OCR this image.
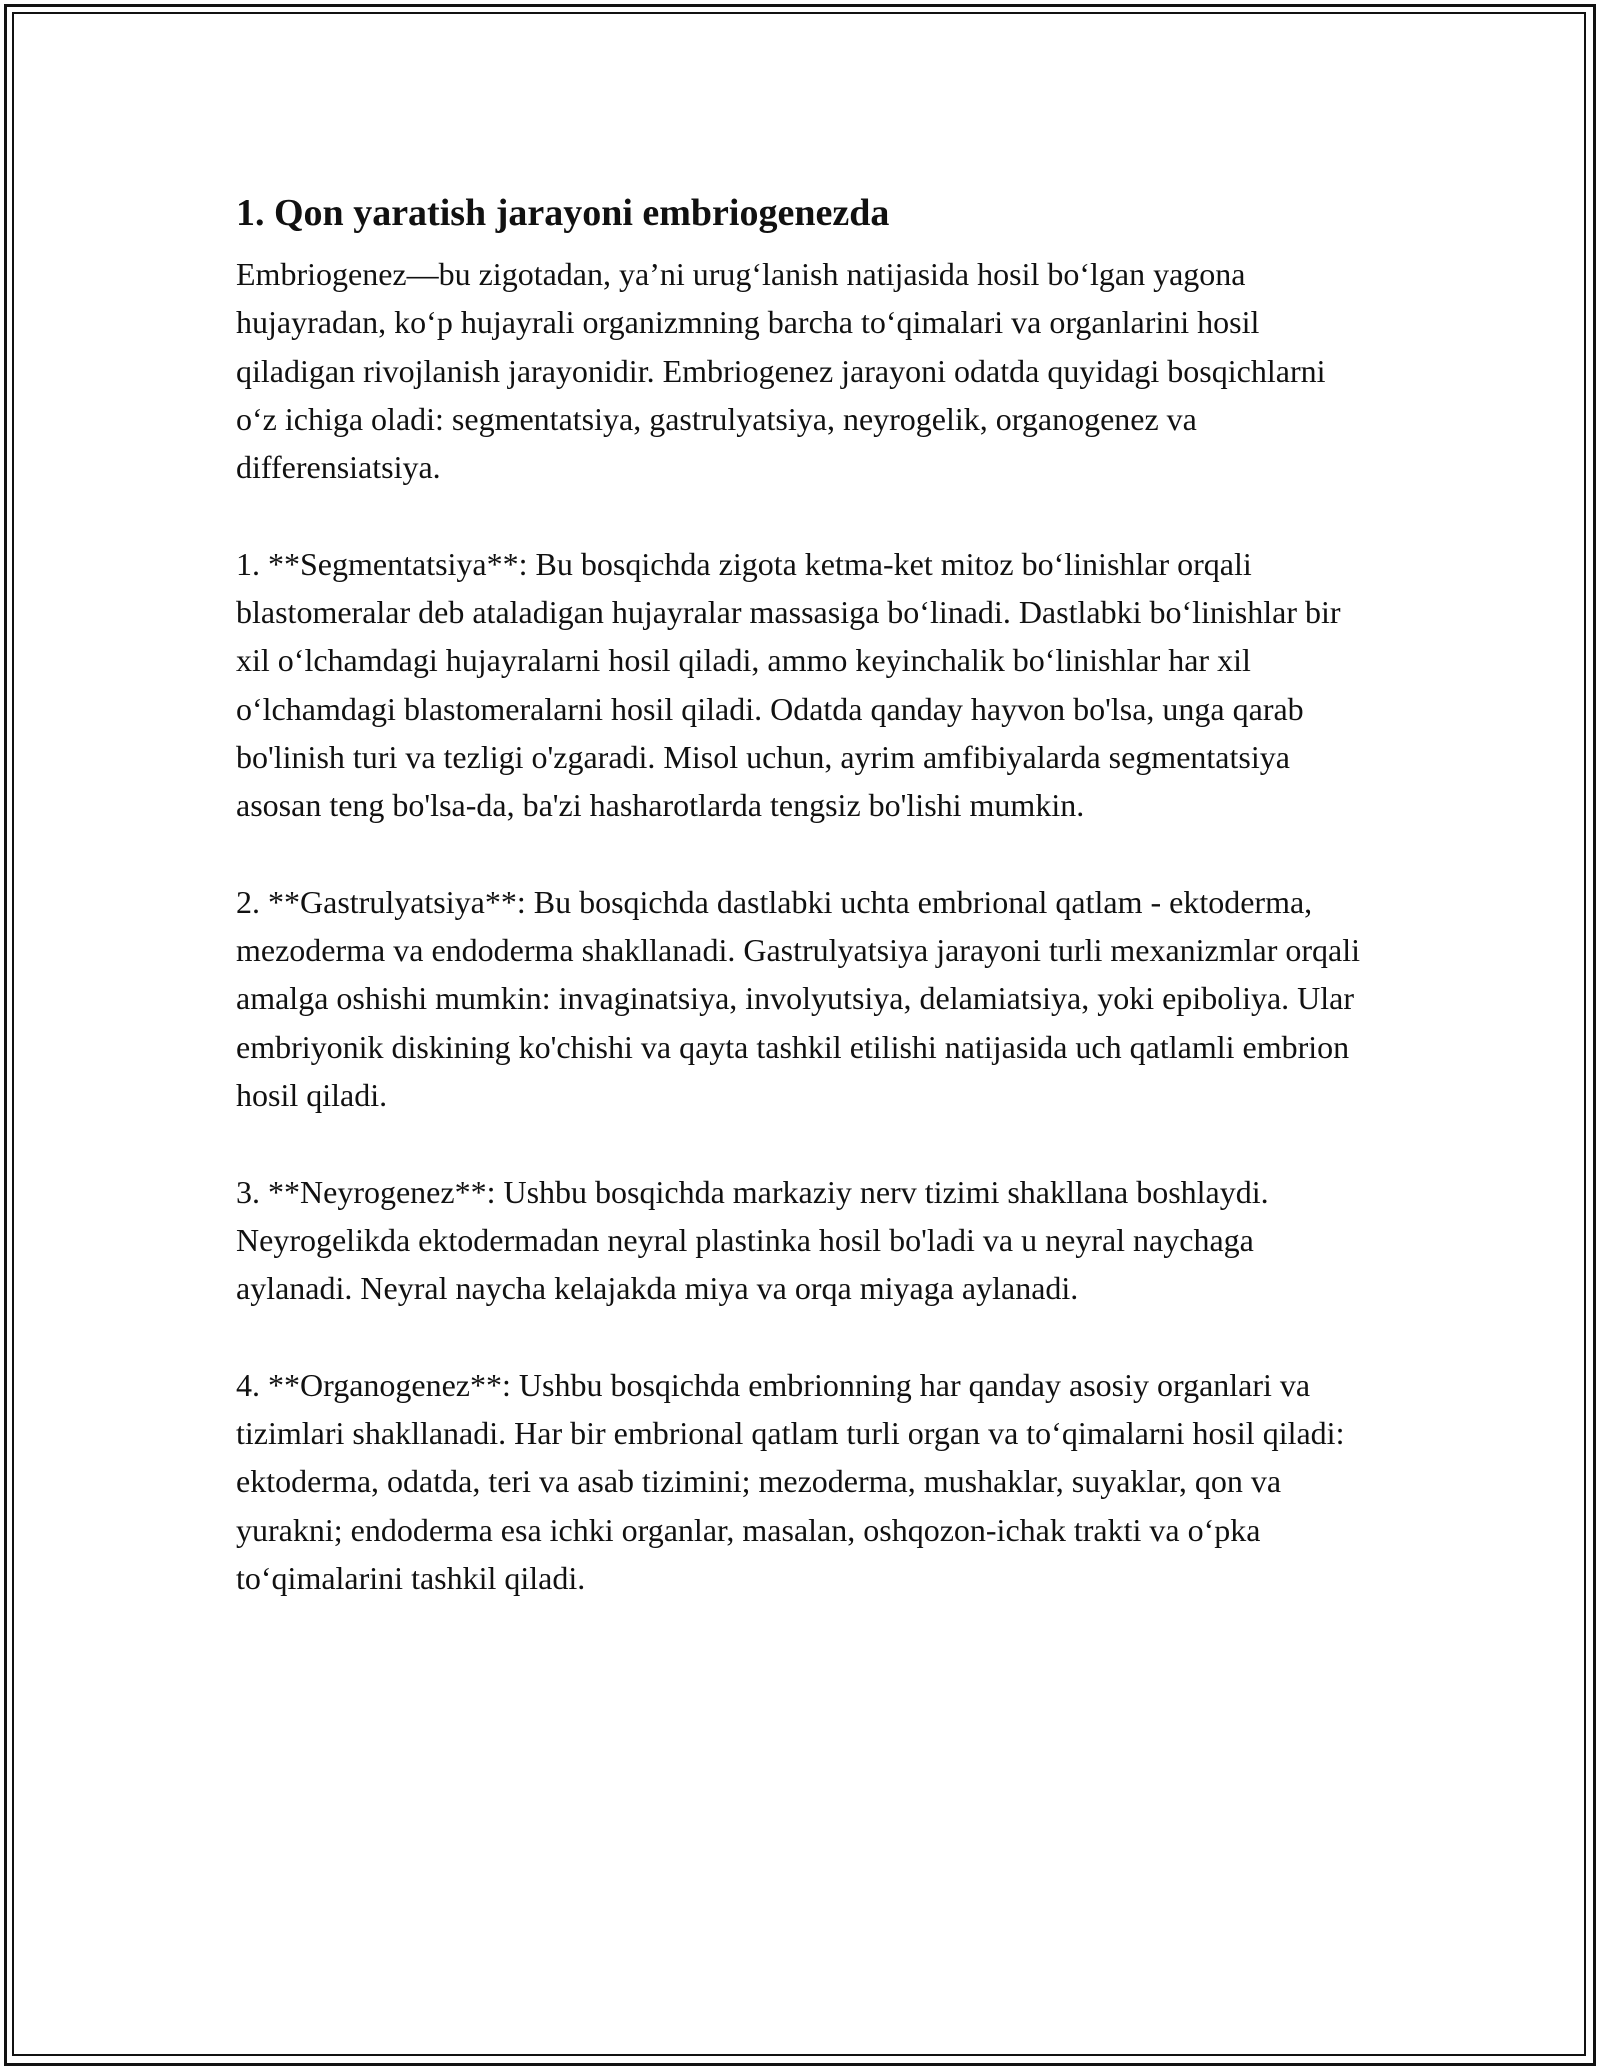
1. Qon yaratish jarayoni embriogenezda

Embriogenez—bu zigotadan, ya’ni urug‘lanish natijasida hosil bo‘lgan yagona hujayradan, ko‘p hujayrali organizmning barcha to‘qimalari va organlarini hosil qiladigan rivojlanish jarayonidir. Embriogenez jarayoni odatda quyidagi bosqichlarni o‘z ichiga oladi: segmentatsiya, gastrulyatsiya, neyrogelik, organogenez va differensiatsiya.

1. **Segmentatsiya**: Bu bosqichda zigota ketma-ket mitoz bo‘linishlar orqali blastomeralar deb ataladigan hujayralar massasiga bo‘linadi. Dastlabki bo‘linishlar bir xil o‘lchamdagi hujayralarni hosil qiladi, ammo keyinchalik bo‘linishlar har xil o‘lchamdagi blastomeralarni hosil qiladi. Odatda qanday hayvon bo'lsa, unga qarab bo'linish turi va tezligi o'zgaradi. Misol uchun, ayrim amfibiyalarda segmentatsiya asosan teng bo'lsa-da, ba'zi hasharotlarda tengsiz bo'lishi mumkin.

2. **Gastrulyatsiya**: Bu bosqichda dastlabki uchta embrional qatlam - ektoderma, mezoderma va endoderma shakllanadi. Gastrulyatsiya jarayoni turli mexanizmlar orqali amalga oshishi mumkin: invaginatsiya, involyutsiya, delamiatsiya, yoki epiboliya. Ular embriyonik diskining ko'chishi va qayta tashkil etilishi natijasida uch qatlamli embrion hosil qiladi.

3. **Neyrogenez**: Ushbu bosqichda markaziy nerv tizimi shakllana boshlaydi. Neyrogelikda ektodermadan neyral plastinka hosil bo'ladi va u neyral naychaga aylanadi. Neyral naycha kelajakda miya va orqa miyaga aylanadi.

4. **Organogenez**: Ushbu bosqichda embrionning har qanday asosiy organlari va tizimlari shakllanadi. Har bir embrional qatlam turli organ va to‘qimalarni hosil qiladi: ektoderma, odatda, teri va asab tizimini; mezoderma, mushaklar, suyaklar, qon va yurakni; endoderma esa ichki organlar, masalan, oshqozon-ichak trakti va o‘pka to‘qimalarini tashkil qiladi.
